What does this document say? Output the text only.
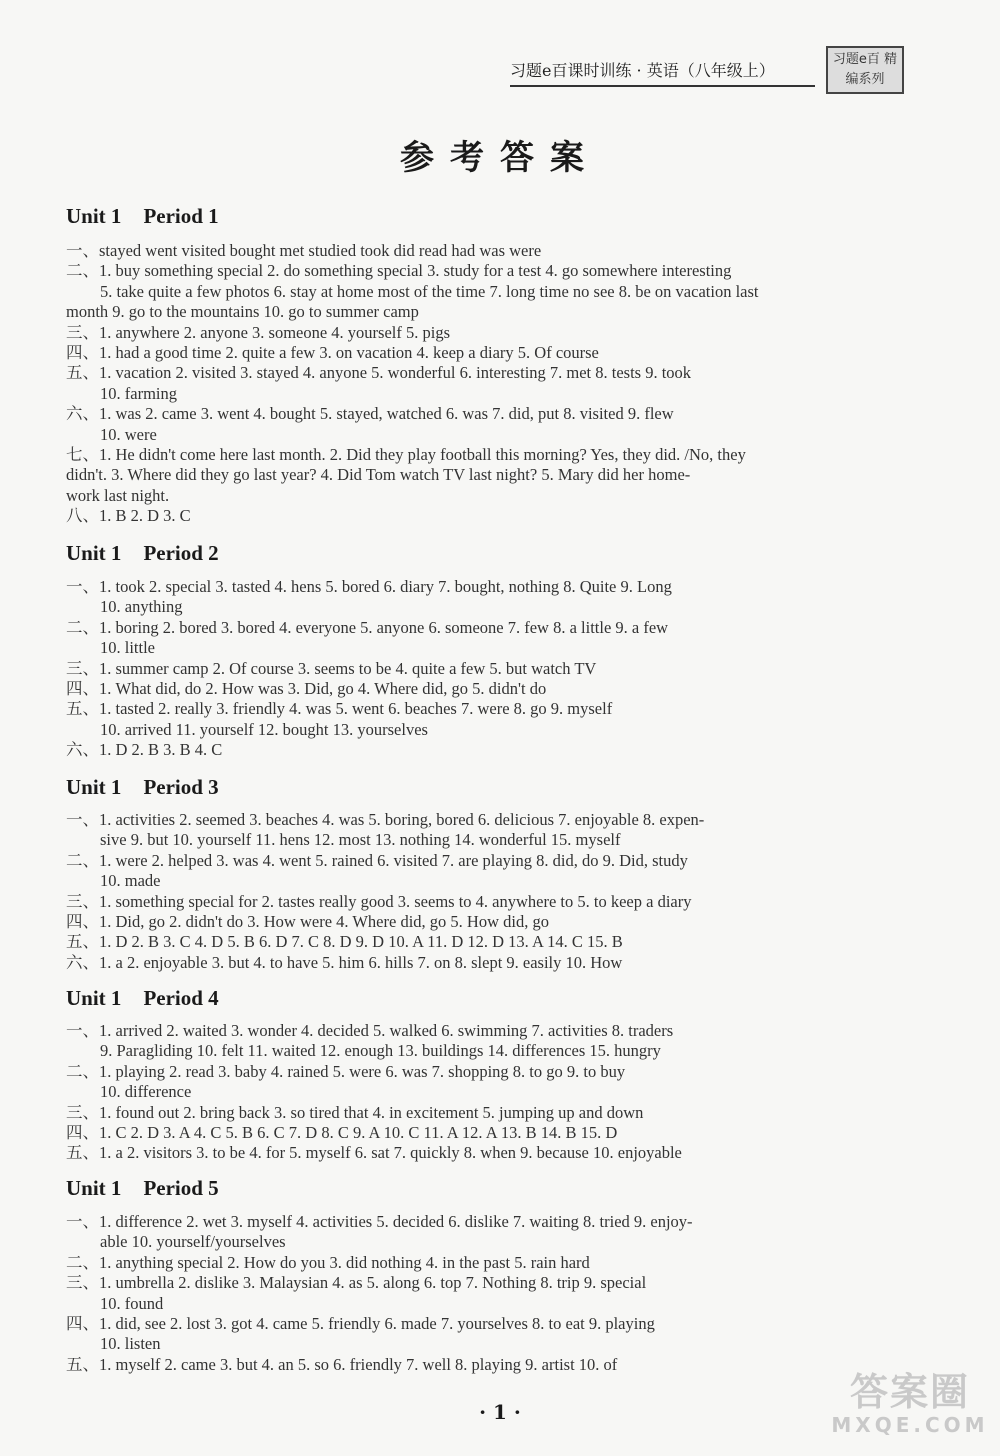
习题e百课时训练 · 英语（八年级上）
习题e百 精编系列
参考答案
Unit 1 Period 1
一、stayed went visited bought met studied took did read had was were
二、1. buy something special 2. do something special 3. study for a test 4. go somewhere interesting
5. take quite a few photos 6. stay at home most of the time 7. long time no see 8. be on vacation last
month 9. go to the mountains 10. go to summer camp
三、1. anywhere 2. anyone 3. someone 4. yourself 5. pigs
四、1. had a good time 2. quite a few 3. on vacation 4. keep a diary 5. Of course
五、1. vacation 2. visited 3. stayed 4. anyone 5. wonderful 6. interesting 7. met 8. tests 9. took
10. farming
六、1. was 2. came 3. went 4. bought 5. stayed, watched 6. was 7. did, put 8. visited 9. flew
10. were
七、1. He didn't come here last month. 2. Did they play football this morning? Yes, they did. /No, they
didn't. 3. Where did they go last year? 4. Did Tom watch TV last night? 5. Mary did her home-
work last night.
八、1. B 2. D 3. C
Unit 1 Period 2
一、1. took 2. special 3. tasted 4. hens 5. bored 6. diary 7. bought, nothing 8. Quite 9. Long
10. anything
二、1. boring 2. bored 3. bored 4. everyone 5. anyone 6. someone 7. few 8. a little 9. a few
10. little
三、1. summer camp 2. Of course 3. seems to be 4. quite a few 5. but watch TV
四、1. What did, do 2. How was 3. Did, go 4. Where did, go 5. didn't do
五、1. tasted 2. really 3. friendly 4. was 5. went 6. beaches 7. were 8. go 9. myself
10. arrived 11. yourself 12. bought 13. yourselves
六、1. D 2. B 3. B 4. C
Unit 1 Period 3
一、1. activities 2. seemed 3. beaches 4. was 5. boring, bored 6. delicious 7. enjoyable 8. expen-
sive 9. but 10. yourself 11. hens 12. most 13. nothing 14. wonderful 15. myself
二、1. were 2. helped 3. was 4. went 5. rained 6. visited 7. are playing 8. did, do 9. Did, study
10. made
三、1. something special for 2. tastes really good 3. seems to 4. anywhere to 5. to keep a diary
四、1. Did, go 2. didn't do 3. How were 4. Where did, go 5. How did, go
五、1. D 2. B 3. C 4. D 5. B 6. D 7. C 8. D 9. D 10. A 11. D 12. D 13. A 14. C 15. B
六、1. a 2. enjoyable 3. but 4. to have 5. him 6. hills 7. on 8. slept 9. easily 10. How
Unit 1 Period 4
一、1. arrived 2. waited 3. wonder 4. decided 5. walked 6. swimming 7. activities 8. traders
9. Paragliding 10. felt 11. waited 12. enough 13. buildings 14. differences 15. hungry
二、1. playing 2. read 3. baby 4. rained 5. were 6. was 7. shopping 8. to go 9. to buy
10. difference
三、1. found out 2. bring back 3. so tired that 4. in excitement 5. jumping up and down
四、1. C 2. D 3. A 4. C 5. B 6. C 7. D 8. C 9. A 10. C 11. A 12. A 13. B 14. B 15. D
五、1. a 2. visitors 3. to be 4. for 5. myself 6. sat 7. quickly 8. when 9. because 10. enjoyable
Unit 1 Period 5
一、1. difference 2. wet 3. myself 4. activities 5. decided 6. dislike 7. waiting 8. tried 9. enjoy-
able 10. yourself/yourselves
二、1. anything special 2. How do you 3. did nothing 4. in the past 5. rain hard
三、1. umbrella 2. dislike 3. Malaysian 4. as 5. along 6. top 7. Nothing 8. trip 9. special
10. found
四、1. did, see 2. lost 3. got 4. came 5. friendly 6. made 7. yourselves 8. to eat 9. playing
10. listen
五、1. myself 2. came 3. but 4. an 5. so 6. friendly 7. well 8. playing 9. artist 10. of
· 1 ·	答案圈
MXQE.COM
